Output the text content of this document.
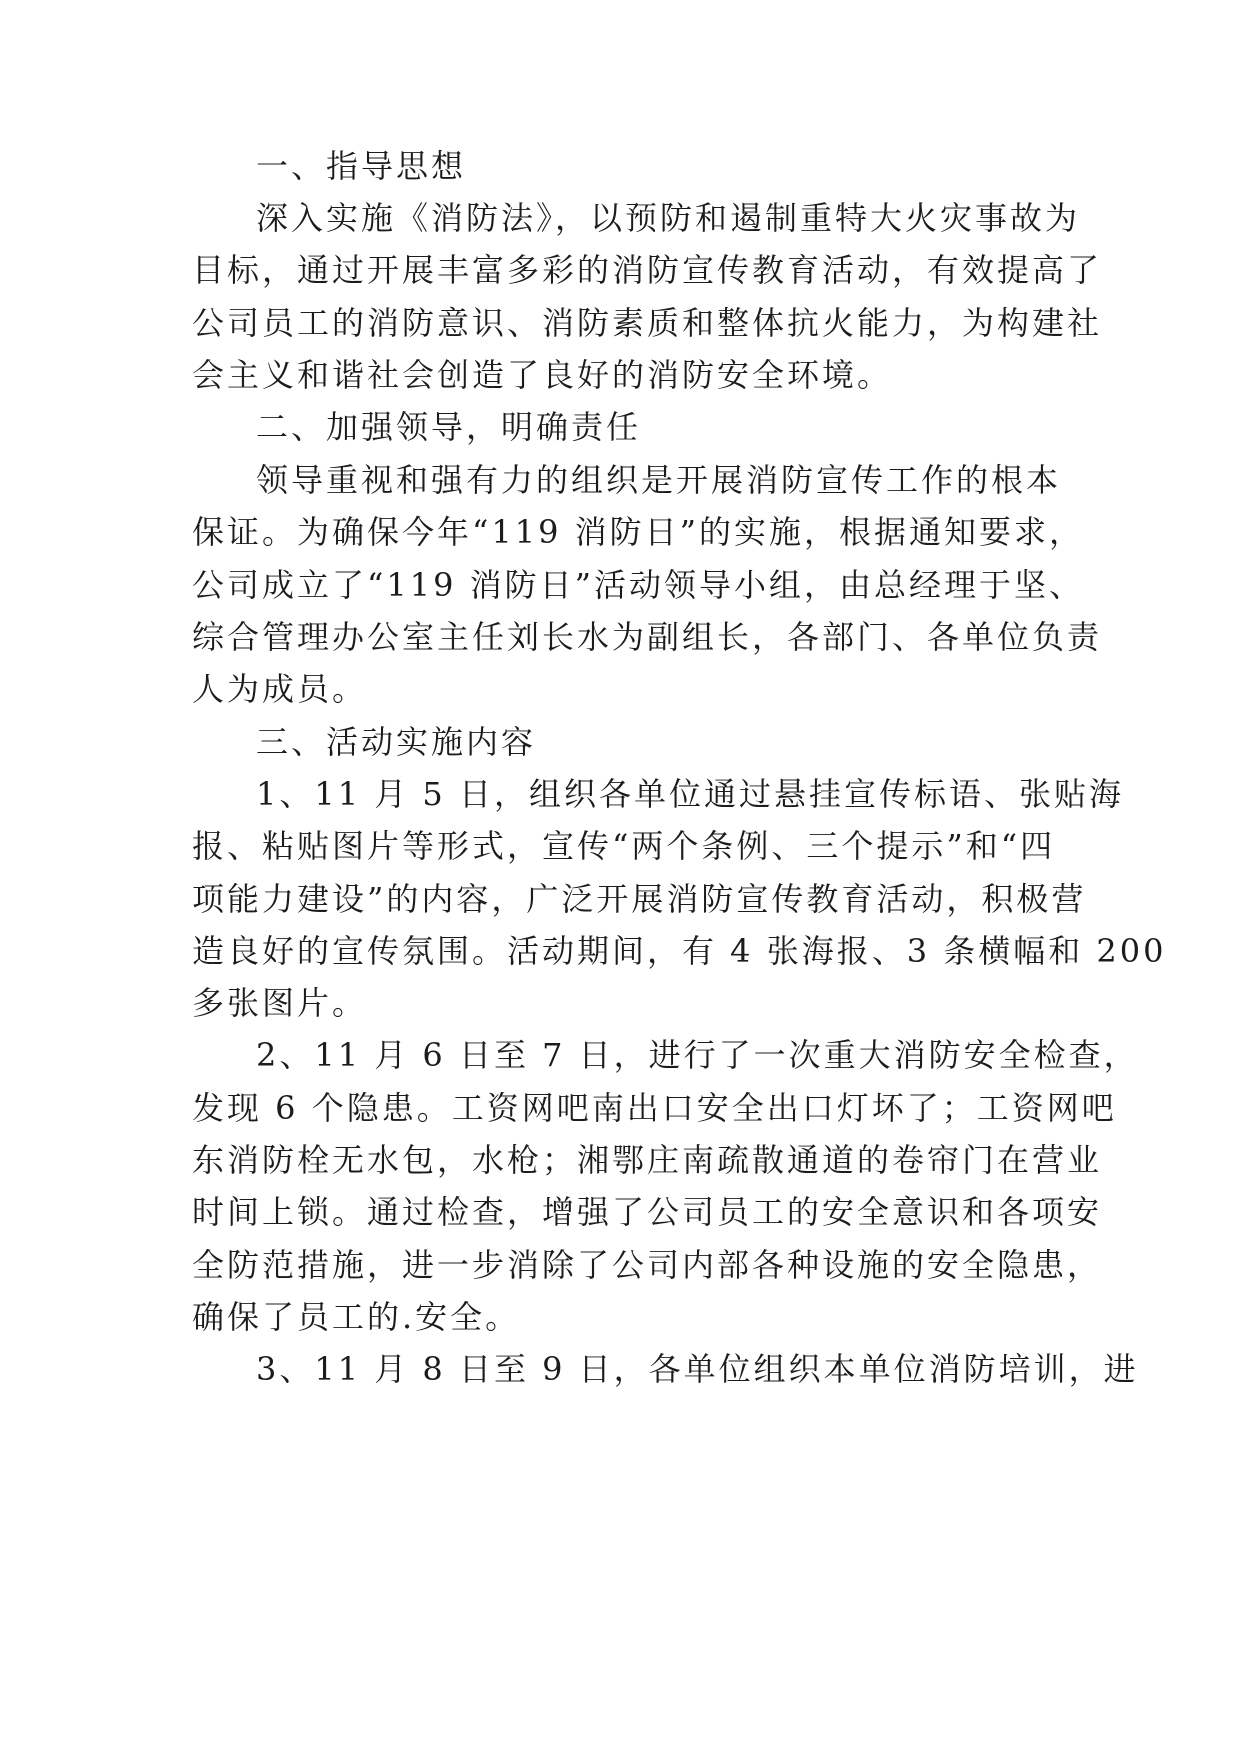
一、指导思想
深入实施《消防法》，以预防和遏制重特大火灾事故为
目标，通过开展丰富多彩的消防宣传教育活动，有效提高了
公司员工的消防意识、消防素质和整体抗火能力，为构建社
会主义和谐社会创造了良好的消防安全环境。
二、加强领导，明确责任
领导重视和强有力的组织是开展消防宣传工作的根本
保证。为确保今年“119 消防日”的实施，根据通知要求，
公司成立了“119 消防日”活动领导小组，由总经理于坚、
综合管理办公室主任刘长水为副组长，各部门、各单位负责
人为成员。
三、活动实施内容
1、11 月 5 日，组织各单位通过悬挂宣传标语、张贴海
报、粘贴图片等形式，宣传“两个条例、三个提示”和“四
项能力建设”的内容，广泛开展消防宣传教育活动，积极营
造良好的宣传氛围。活动期间，有 4 张海报、3 条横幅和 200
多张图片。
2、11 月 6 日至 7 日，进行了一次重大消防安全检查，
发现 6 个隐患。工资网吧南出口安全出口灯坏了；工资网吧
东消防栓无水包，水枪；湘鄂庄南疏散通道的卷帘门在营业
时间上锁。通过检查，增强了公司员工的安全意识和各项安
全防范措施，进一步消除了公司内部各种设施的安全隐患，
确保了员工的.安全。
3、11 月 8 日至 9 日，各单位组织本单位消防培训，进
